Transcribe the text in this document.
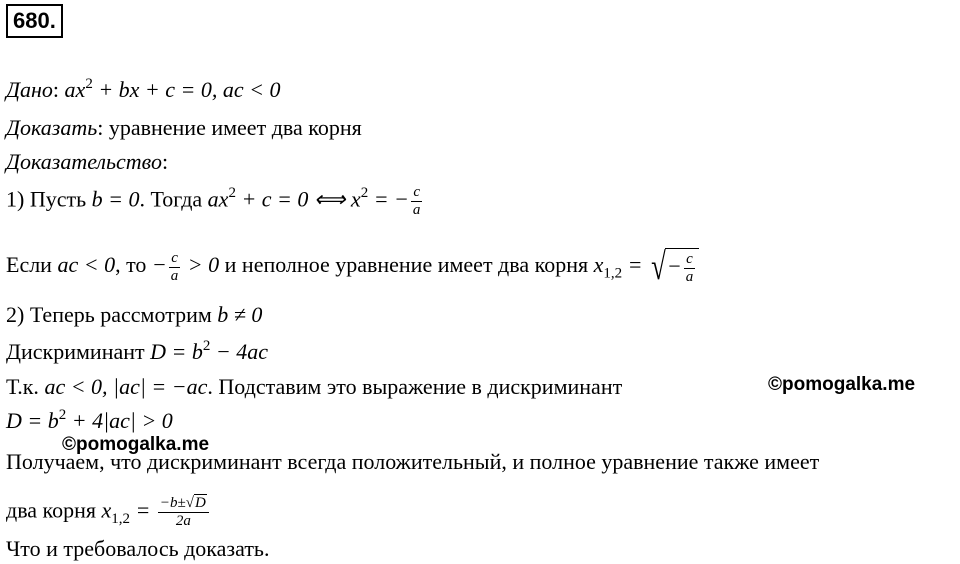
680.
Дано: $ax^2$ + bx + c = 0, ac < 0
Доказать: уравнение имеет два корня
Доказательство:
1) Пусть b = 0. Тогда $ax^2 + c = 0$ ⟺ $x^2$ = − $\frac{c}{a}$
Если ac < 0, то − $\frac{c}{a} > 0$ и неполное уравнение имеет два корня $x_{1,2}$ = √− $\frac{c}{a}$
2) Теперь рассмотрим b ≠ 0
Дискриминант $D = b^2 - 4ac$
Т.к. ac < 0, |ac| = −ac. Подставим это выражение в дискриминант	©pomogalka.me
$D = b^2 + 4|ac| > 0$
©pomogalka.me
Получаем, что дискриминант всегда положительный, и полное уравнение также имеет
два корня $x_{1,2} = \frac{-b\pm√D}{2a}$
Что и требовалось доказать.
